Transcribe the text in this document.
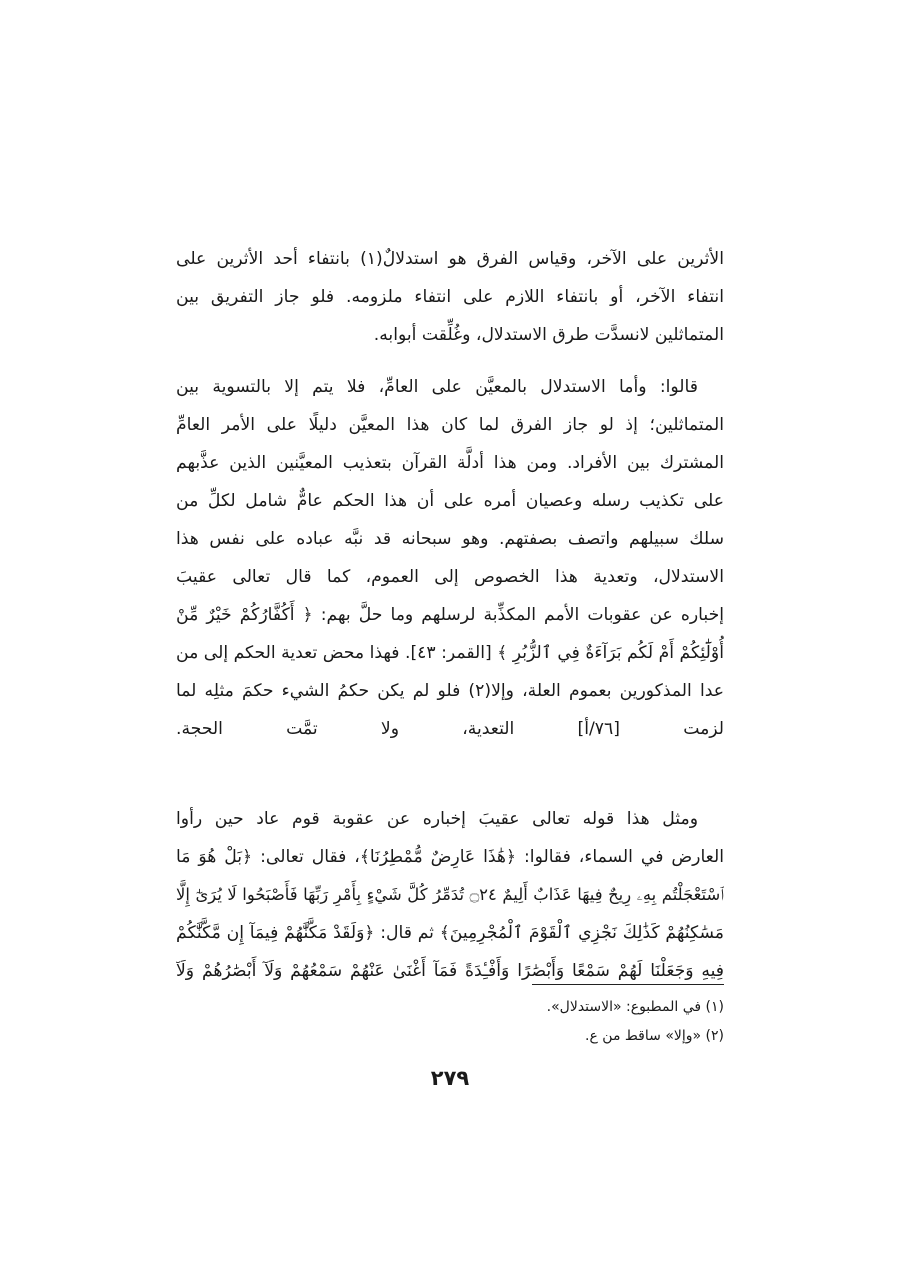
الأثرين على الآخر، وقياس الفرق هو استدلالٌ(١) بانتفاء أحد الأثرين على
انتفاء الآخر، أو بانتفاء اللازم على انتفاء ملزومه. فلو جاز التفريق بين
المتماثلين لانسدَّت طرق الاستدلال، وغُلِّقت أبوابه.
قالوا: وأما الاستدلال بالمعيَّن على العامِّ، فلا يتم إلا بالتسوية بين
المتماثلين؛ إذ لو جاز الفرق لما كان هذا المعيَّن دليلًا على الأمر العامِّ
المشترك بين الأفراد. ومن هذا أدلَّة القرآن بتعذيب المعيَّنين الذين عذَّبهم
على تكذيب رسله وعصيان أمره على أن هذا الحكم عامٌّ شامل لكلِّ من
سلك سبيلهم واتصف بصفتهم. وهو سبحانه قد نبَّه عباده على نفس هذا
الاستدلال، وتعدية هذا الخصوص إلى العموم، كما قال تعالى عقيبَ
إخباره عن عقوبات الأمم المكذِّبة لرسلهم وما حلَّ بهم: ﴿ أَكُفَّارُكُمْ خَيْرٌ مِّنْ
أُوْلَٰٓئِكُمْ أَمْ لَكُم بَرَآءَةٌ فِي ٱلزُّبُرِ ﴾ [القمر: ٤٣]. فهذا محض تعدية الحكم إلى من
عدا المذكورين بعموم العلة، وإلا(٢) فلو لم يكن حكمُ الشيء حكمَ مثلِه لما
لزمت [٧٦/أ] التعدية، ولا تمَّت الحجة.
ومثل هذا قوله تعالى عقيبَ إخباره عن عقوبة قوم عاد حين رأوا
العارض في السماء، فقالوا: ﴿هَٰذَا عَارِضٌ مُّمْطِرُنَا﴾، فقال تعالى: ﴿بَلْ هُوَ مَا
ٱسْتَعْجَلْتُم بِهِۦ رِيحٌ فِيهَا عَذَابٌ أَلِيمٌ ۝٢٤ تُدَمِّرُ كُلَّ شَيْءٍ بِأَمْرِ رَبِّهَا فَأَصْبَحُوا لَا يُرَىٰٓ إِلَّا
مَسَٰكِنُهُمْ كَذَٰلِكَ نَجْزِي ٱلْقَوْمَ ٱلْمُجْرِمِينَ﴾ ثم قال: ﴿وَلَقَدْ مَكَّنَّٰهُمْ فِيمَآ إِن مَّكَّنَّٰكُمْ
فِيهِ وَجَعَلْنَا لَهُمْ سَمْعًا وَأَبْصَٰرًا وَأَفْـِٔدَةً فَمَآ أَغْنَىٰ عَنْهُمْ سَمْعُهُمْ وَلَآ أَبْصَٰرُهُمْ وَلَآ
(١) في المطبوع: «الاستدلال».
(٢) «وإلا» ساقط من ع.
٢٧٩
